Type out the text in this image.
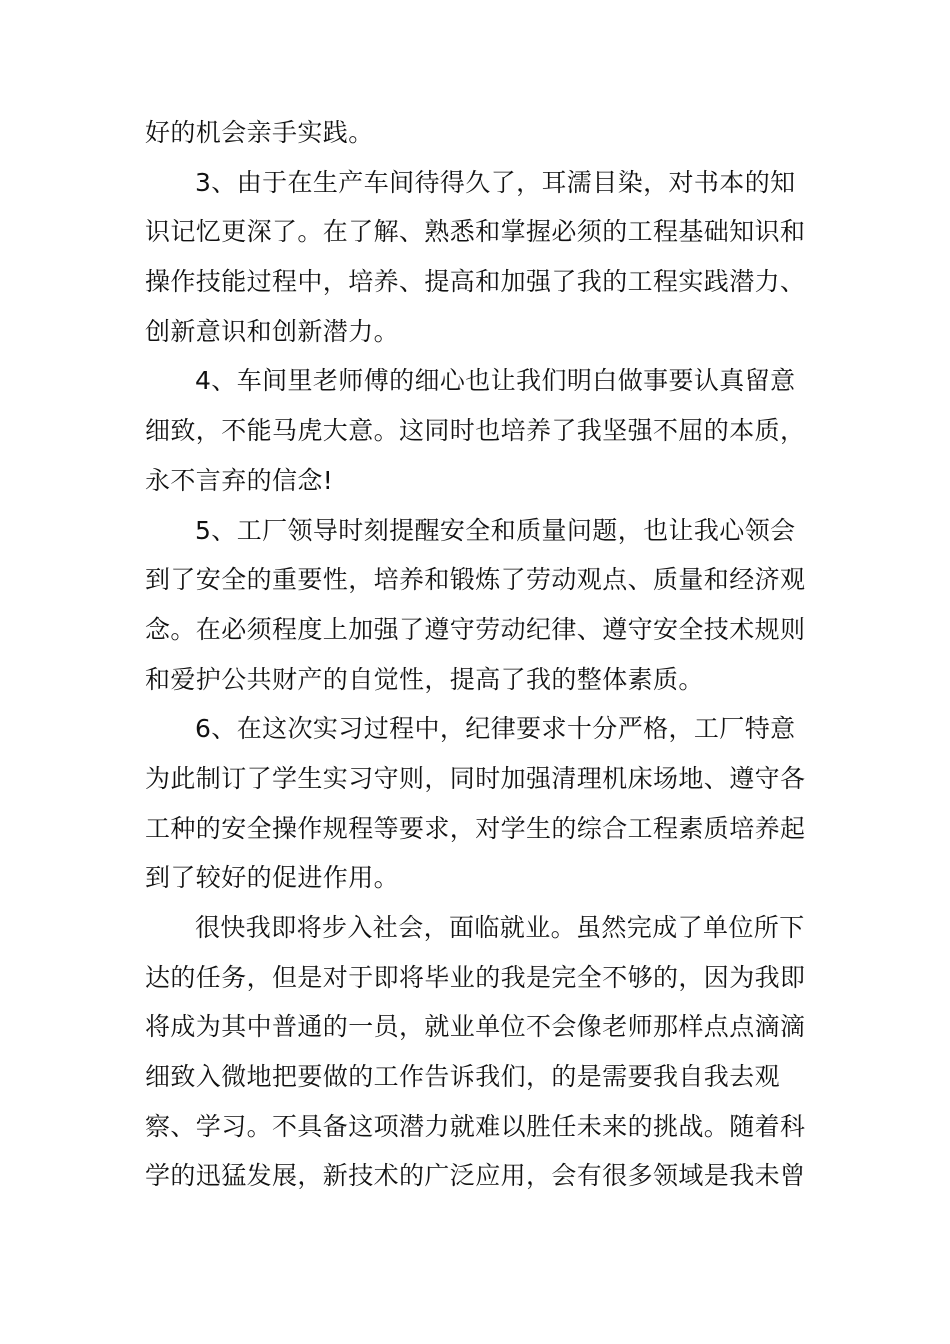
好的机会亲手实践。
3、由于在生产车间待得久了，耳濡目染，对书本的知
识记忆更深了。在了解、熟悉和掌握必须的工程基础知识和
操作技能过程中，培养、提高和加强了我的工程实践潜力、
创新意识和创新潜力。
4、车间里老师傅的细心也让我们明白做事要认真留意
细致，不能马虎大意。这同时也培养了我坚强不屈的本质，
永不言弃的信念!
5、工厂领导时刻提醒安全和质量问题，也让我心领会
到了安全的重要性，培养和锻炼了劳动观点、质量和经济观
念。在必须程度上加强了遵守劳动纪律、遵守安全技术规则
和爱护公共财产的自觉性，提高了我的整体素质。
6、在这次实习过程中，纪律要求十分严格，工厂特意
为此制订了学生实习守则，同时加强清理机床场地、遵守各
工种的安全操作规程等要求，对学生的综合工程素质培养起
到了较好的促进作用。
很快我即将步入社会，面临就业。虽然完成了单位所下
达的任务，但是对于即将毕业的我是完全不够的，因为我即
将成为其中普通的一员，就业单位不会像老师那样点点滴滴
细致入微地把要做的工作告诉我们，的是需要我自我去观
察、学习。不具备这项潜力就难以胜任未来的挑战。随着科
学的迅猛发展，新技术的广泛应用，会有很多领域是我未曾
